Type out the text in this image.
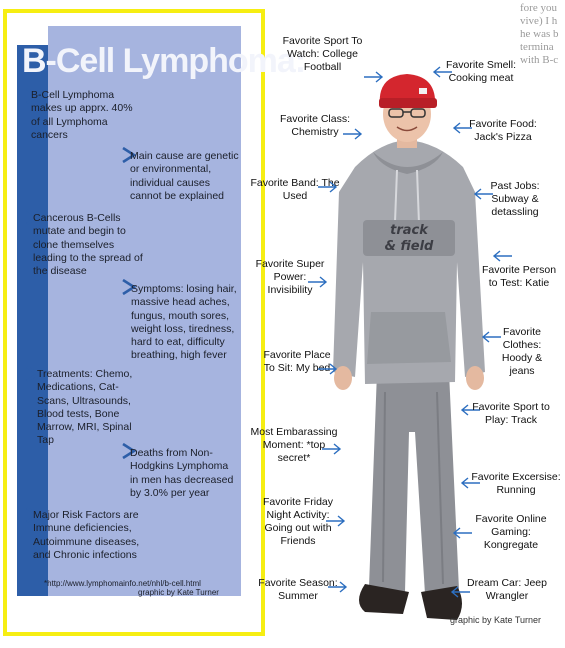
fore you
vive) I h
he was b
termina
with B-c
B-Cell Lymphoma:
B-Cell Lymphoma makes up apprx. 40% of all Lymphoma cancers
Main cause are genetic or environmental, individual causes cannot be explained
Cancerous B-Cells mutate and begin to clone themselves leading to the spread of the disease
Symptoms: losing hair, massive head aches, fungus, mouth sores, weight loss, tiredness, hard to eat, difficulty breathing, high fever
Treatments: Chemo, Medications, Cat-Scans, Ultrasounds, Blood tests, Bone Marrow, MRI, Spinal Tap
Deaths from Non-Hodgkins Lymphoma in men has decreased by 3.0% per year
Major Risk Factors are Immune deficiencies, Autoimmune diseases, and Chronic infections
*http://www.lymphomainfo.net/nhl/b-cell.html
graphic by Kate Turner
track
& field
graphic by Kate Turner
Favorite Sport To Watch: College Football
Favorite Class: Chemistry
Favorite Band: The Used
Favorite Super Power: Invisibility
Favorite Place To Sit: My bed
Most Embarassing Moment: *top secret*
Favorite Friday Night Activity: Going out with Friends
Favorite Season: Summer
Favorite Smell: Cooking meat
Favorite Food: Jack's Pizza
Past Jobs: Subway & detassling
Favorite Person to Test: Katie
Favorite Clothes: Hoody & jeans
Favorite Sport to Play: Track
Favorite Excersise: Running
Favorite Online Gaming: Kongregate
Dream Car: Jeep Wrangler
